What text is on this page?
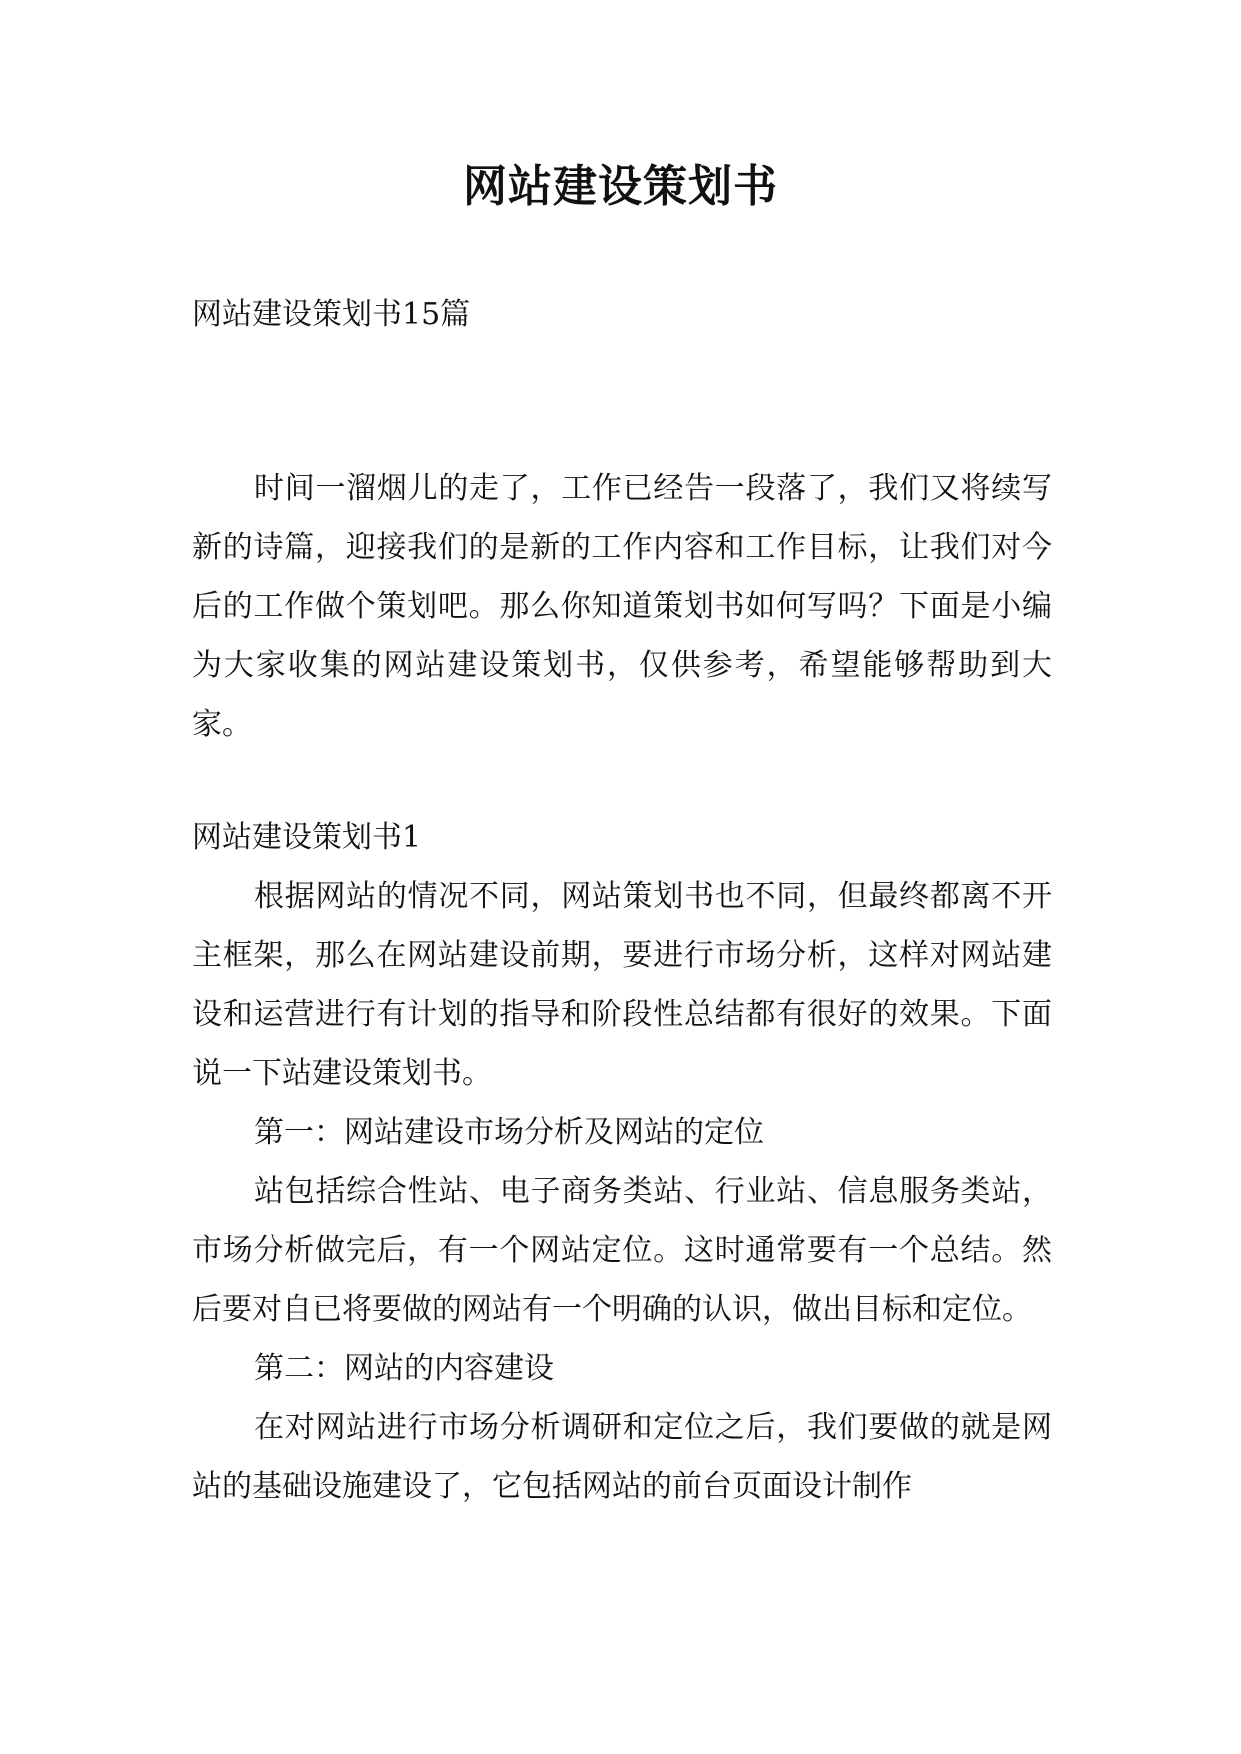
网站建设策划书

网站建设策划书15篇

时间一溜烟儿的走了，工作已经告一段落了，我们又将续写新的诗篇，迎接我们的是新的工作内容和工作目标，让我们对今后的工作做个策划吧。那么你知道策划书如何写吗？下面是小编为大家收集的网站建设策划书，仅供参考，希望能够帮助到大家。

网站建设策划书1

根据网站的情况不同，网站策划书也不同，但最终都离不开主框架，那么在网站建设前期，要进行市场分析，这样对网站建设和运营进行有计划的指导和阶段性总结都有很好的效果。下面说一下站建设策划书。

第一：网站建设市场分析及网站的定位

站包括综合性站、电子商务类站、行业站、信息服务类站，市场分析做完后，有一个网站定位。这时通常要有一个总结。然后要对自已将要做的网站有一个明确的认识，做出目标和定位。

第二：网站的内容建设

在对网站进行市场分析调研和定位之后，我们要做的就是网站的基础设施建设了，它包括网站的前台页面设计制作
